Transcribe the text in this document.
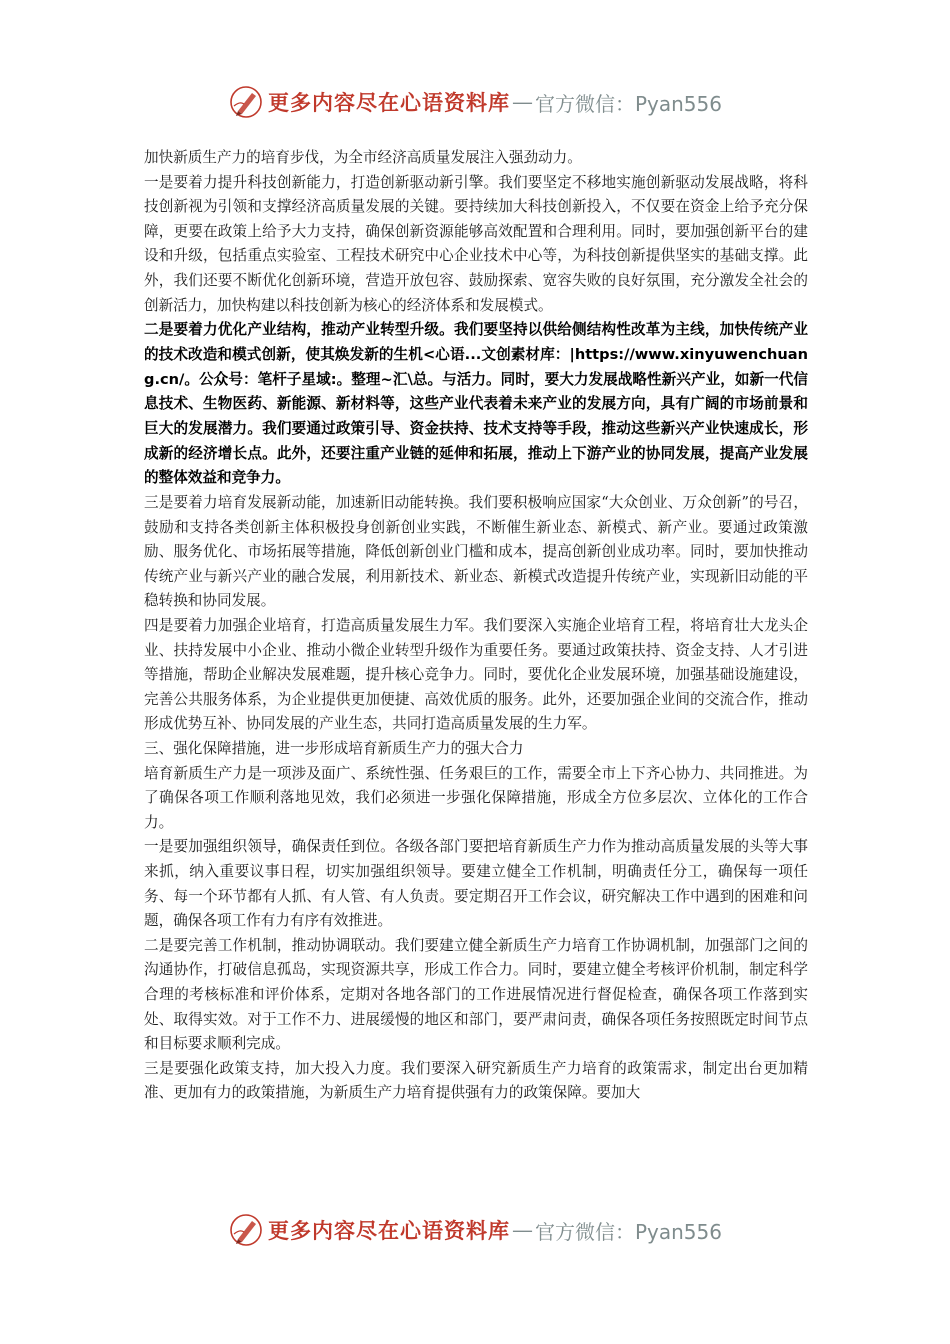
更多内容尽在心语资料库 — 官方微信：Pyan556

加快新质生产力的培育步伐，为全市经济高质量发展注入强劲动力。

一是要着力提升科技创新能力，打造创新驱动新引擎。我们要坚定不移地实施创新驱动发展战略，将科技创新视为引领和支撑经济高质量发展的关键。要持续加大科技创新投入，不仅要在资金上给予充分保障，更要在政策上给予大力支持，确保创新资源能够高效配置和合理利用。同时，要加强创新平台的建设和升级，包括重点实验室、工程技术研究中心企业技术中心等，为科技创新提供坚实的基础支撑。此外，我们还要不断优化创新环境，营造开放包容、鼓励探索、宽容失败的良好氛围，充分激发全社会的创新活力，加快构建以科技创新为核心的经济体系和发展模式。

二是要着力优化产业结构，推动产业转型升级。我们要坚持以供给侧结构性改革为主线，加快传统产业的技术改造和模式创新，使其焕发新的生机<心语...文创素材库：|https://www.xinyuwenchuang.cn/。公众号：笔杆子星域:。整理~汇\总。与活力。同时，要大力发展战略性新兴产业，如新一代信息技术、生物医药、新能源、新材料等，这些产业代表着未来产业的发展方向，具有广阔的市场前景和巨大的发展潜力。我们要通过政策引导、资金扶持、技术支持等手段，推动这些新兴产业快速成长，形成新的经济增长点。此外，还要注重产业链的延伸和拓展，推动上下游产业的协同发展，提高产业发展的整体效益和竞争力。

三是要着力培育发展新动能，加速新旧动能转换。我们要积极响应国家“大众创业、万众创新”的号召，鼓励和支持各类创新主体积极投身创新创业实践，不断催生新业态、新模式、新产业。要通过政策激励、服务优化、市场拓展等措施，降低创新创业门槛和成本，提高创新创业成功率。同时，要加快推动传统产业与新兴产业的融合发展，利用新技术、新业态、新模式改造提升传统产业，实现新旧动能的平稳转换和协同发展。

四是要着力加强企业培育，打造高质量发展生力军。我们要深入实施企业培育工程，将培育壮大龙头企业、扶持发展中小企业、推动小微企业转型升级作为重要任务。要通过政策扶持、资金支持、人才引进等措施，帮助企业解决发展难题，提升核心竞争力。同时，要优化企业发展环境，加强基础设施建设，完善公共服务体系，为企业提供更加便捷、高效优质的服务。此外，还要加强企业间的交流合作，推动形成优势互补、协同发展的产业生态，共同打造高质量发展的生力军。

三、强化保障措施，进一步形成培育新质生产力的强大合力

培育新质生产力是一项涉及面广、系统性强、任务艰巨的工作，需要全市上下齐心协力、共同推进。为了确保各项工作顺利落地见效，我们必须进一步强化保障措施，形成全方位多层次、立体化的工作合力。

一是要加强组织领导，确保责任到位。各级各部门要把培育新质生产力作为推动高质量发展的头等大事来抓，纳入重要议事日程，切实加强组织领导。要建立健全工作机制，明确责任分工，确保每一项任务、每一个环节都有人抓、有人管、有人负责。要定期召开工作会议，研究解决工作中遇到的困难和问题，确保各项工作有力有序有效推进。

二是要完善工作机制，推动协调联动。我们要建立健全新质生产力培育工作协调机制，加强部门之间的沟通协作，打破信息孤岛，实现资源共享，形成工作合力。同时，要建立健全考核评价机制，制定科学合理的考核标准和评价体系，定期对各地各部门的工作进展情况进行督促检查，确保各项工作落到实处、取得实效。对于工作不力、进展缓慢的地区和部门，要严肃问责，确保各项任务按照既定时间节点和目标要求顺利完成。

三是要强化政策支持，加大投入力度。我们要深入研究新质生产力培育的政策需求，制定出台更加精准、更加有力的政策措施，为新质生产力培育提供强有力的政策保障。要加大

更多内容尽在心语资料库 — 官方微信：Pyan556
